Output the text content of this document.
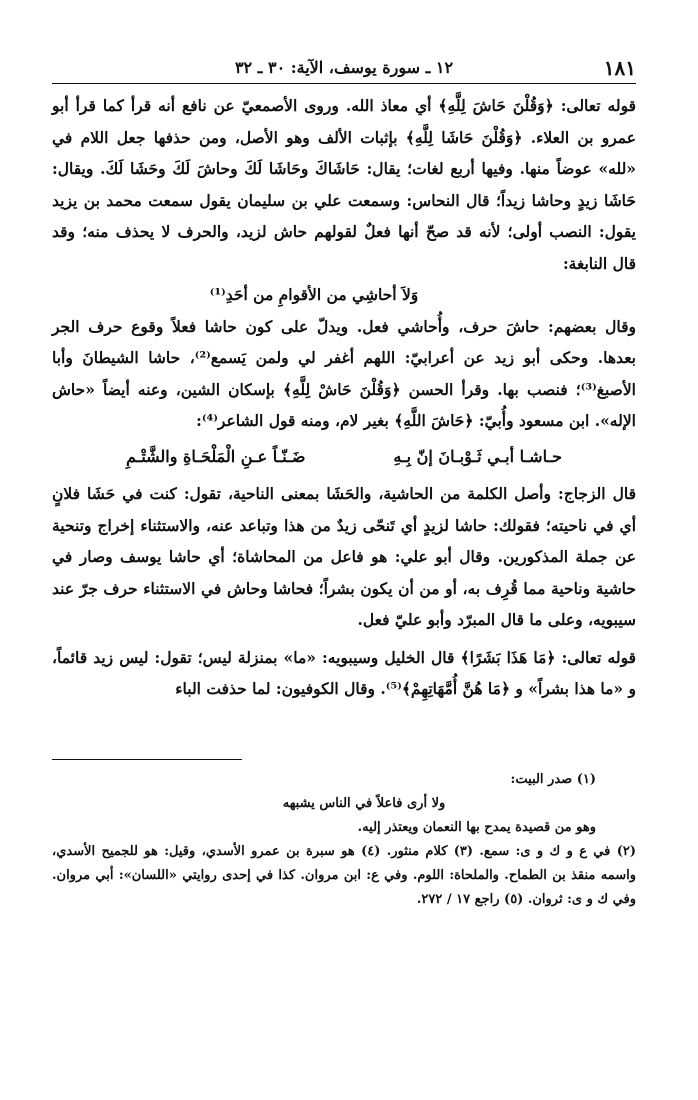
١٨١
١٢ ـ سورة يوسف، الآية: ٣٠ ـ ٣٢

قوله تعالى: ﴿وَقُلْنَ حَاشَ لِلَّهِ﴾ أي معاذ الله. وروى الأصمعيّ عن نافع أنه قرأ كما قرأ أبو عمرو بن العلاء. ﴿وَقُلْنَ حَاشَا لِلَّهِ﴾ بإثبات الألف وهو الأصل، ومن حذفها جعل اللام في «لله» عوضاً منها. وفيها أربع لغات؛ يقال: حَاشَاكَ وحَاشَا لَكَ وحاشَ لَكَ وحَشَا لَكَ. ويقال: حَاشَا زيدٍ وحاشا زيداً؛ قال النحاس: وسمعت علي بن سليمان يقول سمعت محمد بن يزيد يقول: النصب أولى؛ لأنه قد صحّ أنها فعلٌ لقولهم حاش لزيد، والحرف لا يحذف منه؛ وقد قال النابغة:

وَلاَ أحاشِي من الأقوامِ من أحَدِ⁽¹⁾

وقال بعضهم: حاشَ حرف، وأُحاشي فعل. ويدلّ على كون حاشا فعلاً وقوع حرف الجر بعدها. وحكى أبو زيد عن أعرابيّ: اللهم أغفر لي ولمن يَسمع⁽²⁾، حاشا الشيطانَ وأبا الأصبغ⁽³⁾؛ فنصب بها. وقرأ الحسن ﴿وَقُلْنَ حَاشْ لِلَّهِ﴾ بإسكان الشين، وعنه أيضاً «حاش الإله». ابن مسعود وأُبيّ: ﴿حَاشَ اللَّهِ﴾ بغير لام، ومنه قول الشاعر⁽⁴⁾:

حـاشـا أبـي ثَـوْبـانَ إنّ بِـهِ
ضَـنّـاً عـنِ الْمَلْحَـاةِ والشَّتْـمِ

قال الزجاج: وأصل الكلمة من الحاشية، والحَشَا بمعنى الناحية، تقول: كنت في حَشَا فلانٍ أي في ناحيته؛ فقولك: حاشا لزيدٍ أي تَنحّى زيدٌ من هذا وتباعد عنه، والاستثناء إخراج وتنحية عن جملة المذكورين. وقال أبو علي: هو فاعل من المحاشاة؛ أي حاشا يوسف وصار في حاشية وناحية مما قُرِف به، أو من أن يكون بشراً؛ فحاشا وحاش في الاستثناء حرف جرّ عند سيبويه، وعلى ما قال المبرّد وأبو عليّ فعل.

قوله تعالى: ﴿مَا هَذَا بَشَرًا﴾ قال الخليل وسيبويه: «ما» بمنزلة ليس؛ تقول: ليس زيد قائماً، و «ما هذا بشراً» و ﴿مَا هُنَّ أُمَّهَاتِهِمْ﴾⁽⁵⁾. وقال الكوفيون: لما حذفت الباء

(١) صدر البيت:

ولا أرى فاعلاً في الناس يشبهه

وهو من قصيدة يمدح بها النعمان ويعتذر إليه.

(٢) في ع و ك و ى: سمع. (٣) كلام منثور. (٤) هو سبرة بن عمرو الأسدي، وقيل: هو للجميح الأسدي، واسمه منقذ بن الطماح. والملحاة: اللوم. وفي ع: ابن مروان. كذا في إحدى روايتي «اللسان»: أبي مروان. وفي ك و ى: ثروان. (٥) راجع ١٧ / ٢٧٢.
